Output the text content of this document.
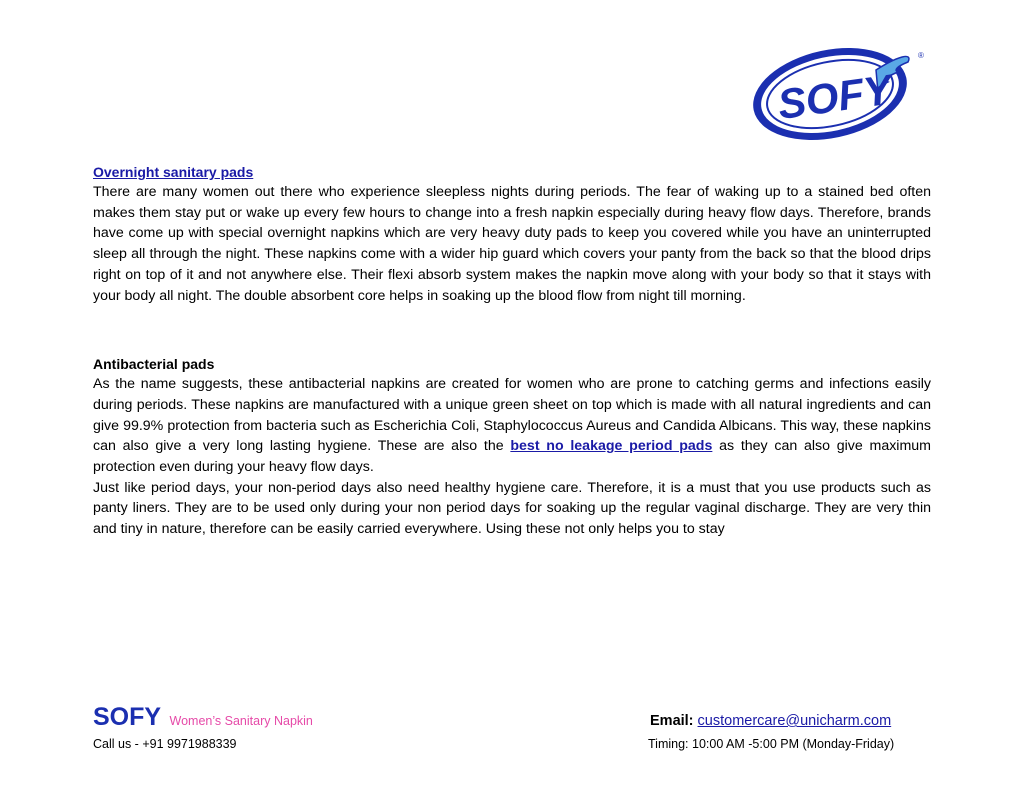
SOFY
®

Overnight sanitary pads

There are many women out there who experience sleepless nights during periods. The fear of waking up to a stained bed often makes them stay put or wake up every few hours to change into a fresh napkin especially during heavy flow days. Therefore, brands have come up with special overnight napkins which are very heavy duty pads to keep you covered while you have an uninterrupted sleep all through the night. These napkins come with a wider hip guard which covers your panty from the back so that the blood drips right on top of it and not anywhere else. Their flexi absorb system makes the napkin move along with your body so that it stays with your body all night. The double absorbent core helps in soaking up the blood flow from night till morning.

Antibacterial pads

As the name suggests, these antibacterial napkins are created for women who are prone to catching germs and infections easily during periods. These napkins are manufactured with a unique green sheet on top which is made with all natural ingredients and can give 99.9% protection from bacteria such as Escherichia Coli, Staphylococcus Aureus and Candida Albicans. This way, these napkins can also give a very long lasting hygiene. These are also the best no leakage period pads as they can also give maximum protection even during your heavy flow days.

Just like period days, your non-period days also need healthy hygiene care. Therefore, it is a must that you use products such as panty liners. They are to be used only during your non period days for soaking up the regular vaginal discharge. They are very thin and tiny in nature, therefore can be easily carried everywhere. Using these not only helps you to stay

SOFY Women’s Sanitary Napkin
Call us - +91 9971988339
Email: customercare@unicharm.com
Timing: 10:00 AM -5:00 PM (Monday-Friday)
